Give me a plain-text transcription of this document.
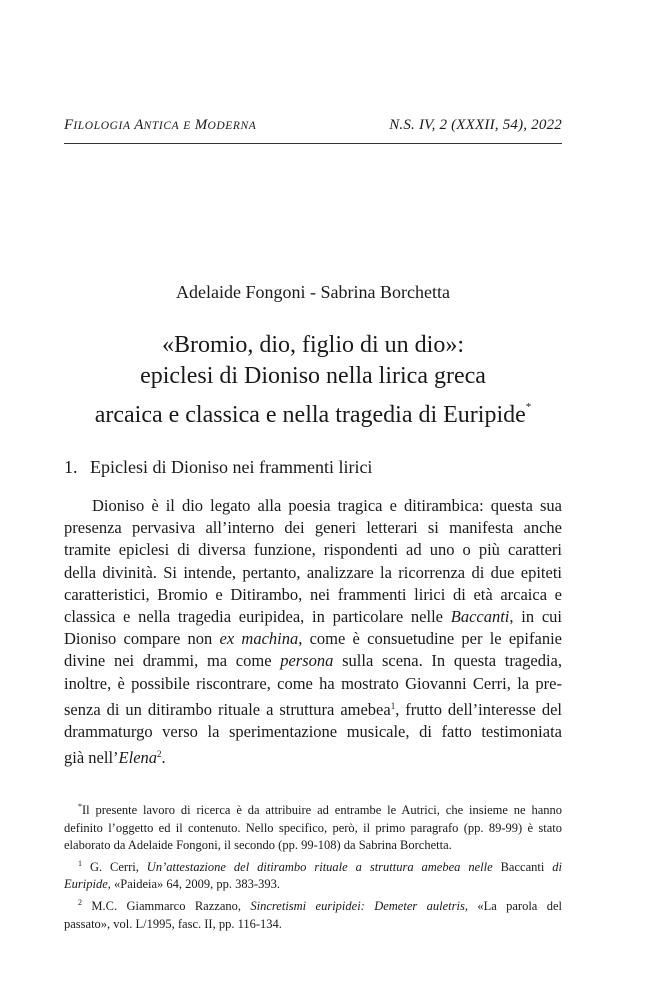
FILOLOGIA ANTICA E MODERNA	N.S. IV, 2 (XXXII, 54), 2022
Adelaide Fongoni - Sabrina Borchetta
«Bromio, dio, figlio di un dio»:
epiclesi di Dioniso nella lirica greca
arcaica e classica e nella tragedia di Euripide*
1. Epiclesi di Dioniso nei frammenti lirici
Dioniso è il dio legato alla poesia tragica e ditirambica: questa sua
presenza pervasiva all’interno dei generi letterari si manifesta anche
tramite epiclesi di diversa funzione, rispondenti ad uno o più caratteri
della divinità. Si intende, pertanto, analizzare la ricorrenza di due epiteti
caratteristici, Bromio e Ditirambo, nei frammenti lirici di età arcaica e
classica e nella tragedia euripidea, in particolare nelle Baccanti, in cui
Dioniso compare non ex machina, come è consuetudine per le epifanie
divine nei drammi, ma come persona sulla scena. In questa tragedia,
inoltre, è possibile riscontrare, come ha mostrato Giovanni Cerri, la pre-
senza di un ditirambo rituale a struttura amebea$^1$, frutto dell’interesse del
drammaturgo verso la sperimentazione musicale, di fatto testimoniata
già nell’Elena$^2$.
*Il presente lavoro di ricerca è da attribuire ad entrambe le Autrici, che insieme ne hanno
definito l’oggetto ed il contenuto. Nello specifico, però, il primo paragrafo (pp. 89-99) è stato
elaborato da Adelaide Fongoni, il secondo (pp. 99-108) da Sabrina Borchetta.
$^1$ G. Cerri, Un’attestazione del ditirambo rituale a struttura amebea nelle Baccanti di
Euripide, «Paideia» 64, 2009, pp. 383-393.
$^2$ M.C. Giammarco Razzano, Sincretismi euripidei: Demeter auletris, «La parola del
passato», vol. L/1995, fasc. II, pp. 116-134.
